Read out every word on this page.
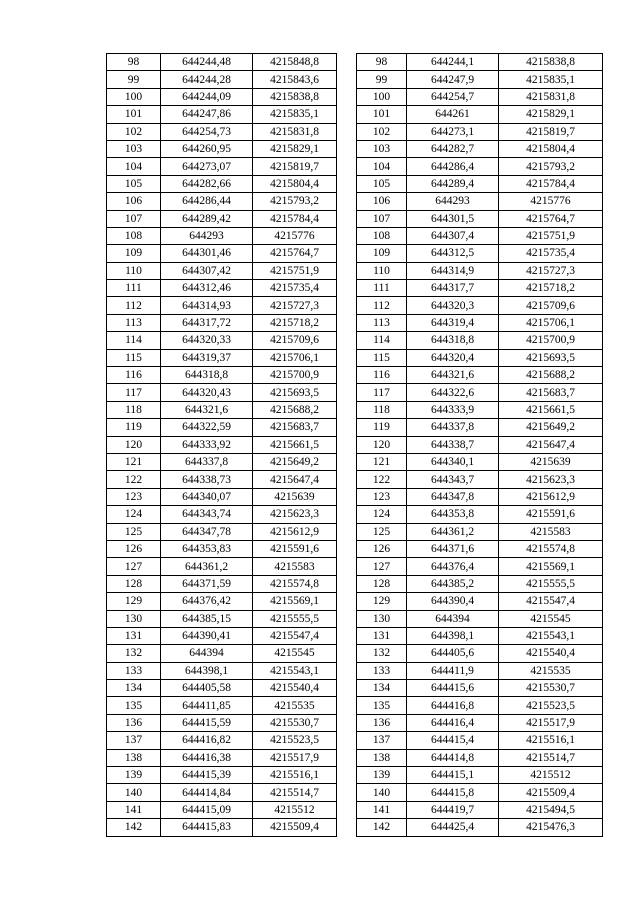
98	644244,48	4215848,8
99	644244,28	4215843,6
100	644244,09	4215838,8
101	644247,86	4215835,1
102	644254,73	4215831,8
103	644260,95	4215829,1
104	644273,07	4215819,7
105	644282,66	4215804,4
106	644286,44	4215793,2
107	644289,42	4215784,4
108	644293	4215776
109	644301,46	4215764,7
110	644307,42	4215751,9
111	644312,46	4215735,4
112	644314,93	4215727,3
113	644317,72	4215718,2
114	644320,33	4215709,6
115	644319,37	4215706,1
116	644318,8	4215700,9
117	644320,43	4215693,5
118	644321,6	4215688,2
119	644322,59	4215683,7
120	644333,92	4215661,5
121	644337,8	4215649,2
122	644338,73	4215647,4
123	644340,07	4215639
124	644343,74	4215623,3
125	644347,78	4215612,9
126	644353,83	4215591,6
127	644361,2	4215583
128	644371,59	4215574,8
129	644376,42	4215569,1
130	644385,15	4215555,5
131	644390,41	4215547,4
132	644394	4215545
133	644398,1	4215543,1
134	644405,58	4215540,4
135	644411,85	4215535
136	644415,59	4215530,7
137	644416,82	4215523,5
138	644416,38	4215517,9
139	644415,39	4215516,1
140	644414,84	4215514,7
141	644415,09	4215512
142	644415,83	4215509,4
98	644244,1	4215838,8
99	644247,9	4215835,1
100	644254,7	4215831,8
101	644261	4215829,1
102	644273,1	4215819,7
103	644282,7	4215804,4
104	644286,4	4215793,2
105	644289,4	4215784,4
106	644293	4215776
107	644301,5	4215764,7
108	644307,4	4215751,9
109	644312,5	4215735,4
110	644314,9	4215727,3
111	644317,7	4215718,2
112	644320,3	4215709,6
113	644319,4	4215706,1
114	644318,8	4215700,9
115	644320,4	4215693,5
116	644321,6	4215688,2
117	644322,6	4215683,7
118	644333,9	4215661,5
119	644337,8	4215649,2
120	644338,7	4215647,4
121	644340,1	4215639
122	644343,7	4215623,3
123	644347,8	4215612,9
124	644353,8	4215591,6
125	644361,2	4215583
126	644371,6	4215574,8
127	644376,4	4215569,1
128	644385,2	4215555,5
129	644390,4	4215547,4
130	644394	4215545
131	644398,1	4215543,1
132	644405,6	4215540,4
133	644411,9	4215535
134	644415,6	4215530,7
135	644416,8	4215523,5
136	644416,4	4215517,9
137	644415,4	4215516,1
138	644414,8	4215514,7
139	644415,1	4215512
140	644415,8	4215509,4
141	644419,7	4215494,5
142	644425,4	4215476,3
